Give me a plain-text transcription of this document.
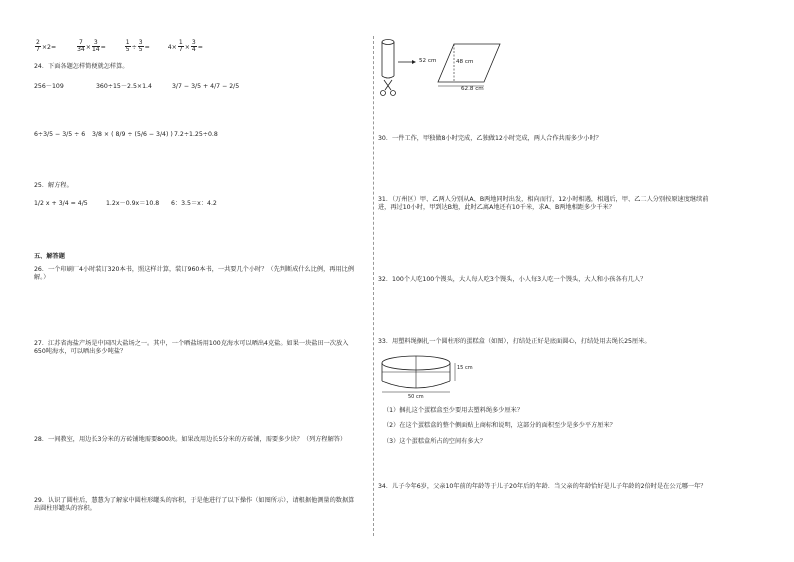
$\frac{2}{7} \times 2=$	$\frac{7}{34} \times \frac{3}{14}$ =	$\frac{1}{5} \div \frac{3}{5}$ =	$4\times \frac{1}{7} \times \frac{3}{4}$ =
24．下面各题怎样简便就怎样算。
256－109	360÷15－2.5×1.4	3/7 − 3/5 + 4/7 − 2/5
6÷3/5 − 3/5 ÷ 6 3/8 × ( 8/9 ÷ (5/6 − 3/4) ) 7.2÷1.25÷0.8
25．解方程。
1/2 x + 3/4 = 4/5	1.2x－0.9x＝10.8 6：3.5＝x：4.2
五、解答题
26．一个印刷厂4小时装订320本书，照这样计算，装订960本书，一共要几个小时？（先判断成什么比例，再用比例解。）
27．江苏省海盐产场是中国四大盐场之一。其中，一个晒盐场用100克海水可以晒出4克盐。如果一块盐田一次放入650吨海水，可以晒出多少吨盐？
28．一间教室，用边长3分米的方砖铺地需要800块。如果改用边长5分米的方砖铺，需要多少块？（列方程解答）
29．认识了圆柱后，慧慧为了解家中圆柱形罐头的容积，于是他进行了以下操作（如图所示），请根据他测量的数据算出圆柱形罐头的容积。
52 cm	48 cm
62.8 cm
30．一件工作，甲独做8小时完成，乙独做12小时完成，两人合作共需多少小时？
31．（万州区）甲、乙两人分别从A、B两地同时出发，相向而行，12小时相遇，相遇后，甲、乙二人分别按原速度继续前进，再过10小时，甲到达B地，此时乙离A地还有10千米，求A、B两地相距多少千米？
32．100个人吃100个馒头，大人每人吃3个馒头，小人每3人吃一个馒头，大人和小孩各有几人？
33．用塑料绳捆扎一个圆柱形的蛋糕盒（如图），打结处正好是底面圆心，打结处用去绳长25厘米。
15 cm
50 cm
（1）捆扎这个蛋糕盒至少要用去塑料绳多少厘米？
（2）在这个蛋糕盒的整个侧面贴上商标和说明，这部分的面积至少是多少平方厘米？
（3）这个蛋糕盒所占的空间有多大？
34．儿子今年6岁，父亲10年前的年龄等于儿子20年后的年龄．当父亲的年龄恰好是儿子年龄的2倍时是在公元哪一年？
